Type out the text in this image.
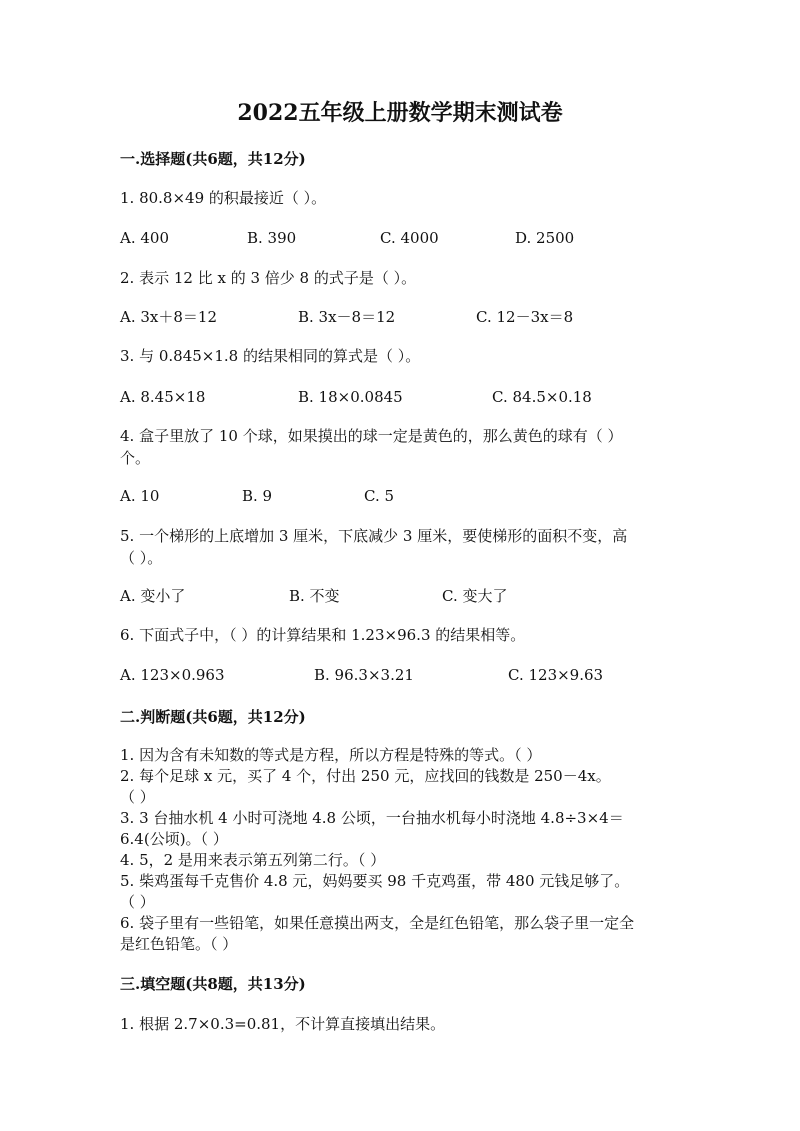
2022五年级上册数学期末测试卷
一.选择题(共6题，共12分)
1. 80.8×49 的积最接近（ ）。
A. 400	B. 390	C. 4000	D. 2500
2. 表示 12 比 x 的 3 倍少 8 的式子是（ ）。
A. 3x＋8＝12	B. 3x－8＝12	C. 12－3x＝8
3. 与 0.845×1.8 的结果相同的算式是（ ）。
A. 8.45×18	B. 18×0.0845	C. 84.5×0.18
4. 盒子里放了 10 个球，如果摸出的球一定是黄色的，那么黄色的球有（ ）
个。
A. 10	B. 9	C. 5
5. 一个梯形的上底增加 3 厘米，下底减少 3 厘米，要使梯形的面积不变，高
（ ）。
A. 变小了	B. 不变	C. 变大了
6. 下面式子中，（ ）的计算结果和 1.23×96.3 的结果相等。
A. 123×0.963	B. 96.3×3.21	C. 123×9.63
二.判断题(共6题，共12分)
1. 因为含有未知数的等式是方程，所以方程是特殊的等式。（ ）
2. 每个足球 x 元，买了 4 个，付出 250 元，应找回的钱数是 250－4x。
（ ）
3. 3 台抽水机 4 小时可浇地 4.8 公顷，一台抽水机每小时浇地 4.8÷3×4＝
6.4(公顷)。（ ）
4. 5，2 是用来表示第五列第二行。（ ）
5. 柴鸡蛋每千克售价 4.8 元，妈妈要买 98 千克鸡蛋，带 480 元钱足够了。
（ ）
6. 袋子里有一些铅笔，如果任意摸出两支，全是红色铅笔，那么袋子里一定全
是红色铅笔。（ ）
三.填空题(共8题，共13分)
1. 根据 2.7×0.3=0.81，不计算直接填出结果。
